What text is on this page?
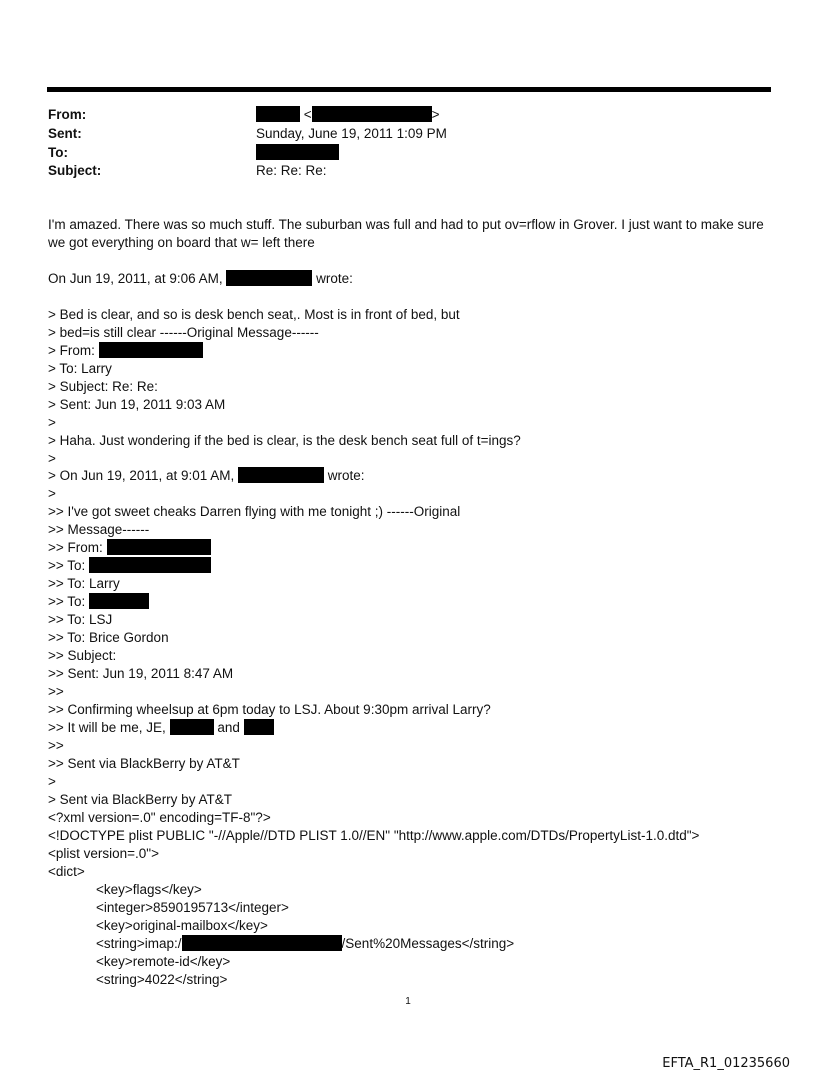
From:	<	>
Sent:	Sunday, June 19, 2011 1:09 PM
To:
Subject:	Re: Re: Re:
I'm amazed. There was so much stuff. The suburban was full and had to put ov=rflow in Grover. I just want to make sure we got everything on board that w= left there
On Jun 19, 2011, at 9:06 AM,	wrote:
> Bed is clear, and so is desk bench seat,. Most is in front of bed, but
> bed=is still clear ------Original Message------
> From:
> To: Larry
> Subject: Re: Re:
> Sent: Jun 19, 2011 9:03 AM
>
> Haha. Just wondering if the bed is clear, is the desk bench seat full of t=ings?
>
> On Jun 19, 2011, at 9:01 AM,	wrote:
>
>> I've got sweet cheaks Darren flying with me tonight ;) ------Original
>> Message------
>> From:
>> To:
>> To: Larry
>> To:
>> To: LSJ
>> To: Brice Gordon
>> Subject:
>> Sent: Jun 19, 2011 8:47 AM
>>
>> Confirming wheelsup at 6pm today to LSJ. About 9:30pm arrival Larry?
>> It will be me, JE,	and
>>
>> Sent via BlackBerry by AT&T
>
> Sent via BlackBerry by AT&T
<?xml version=.0" encoding=TF-8"?>
<!DOCTYPE plist PUBLIC "-//Apple//DTD PLIST 1.0//EN" "http://www.apple.com/DTDs/PropertyList-1.0.dtd">
<plist version=.0">
<dict>
<key>flags</key>
<integer>8590195713</integer>
<key>original-mailbox</key>
<string>imap:/	/Sent%20Messages</string>
<key>remote-id</key>
<string>4022</string>
1
EFTA_R1_01235660
